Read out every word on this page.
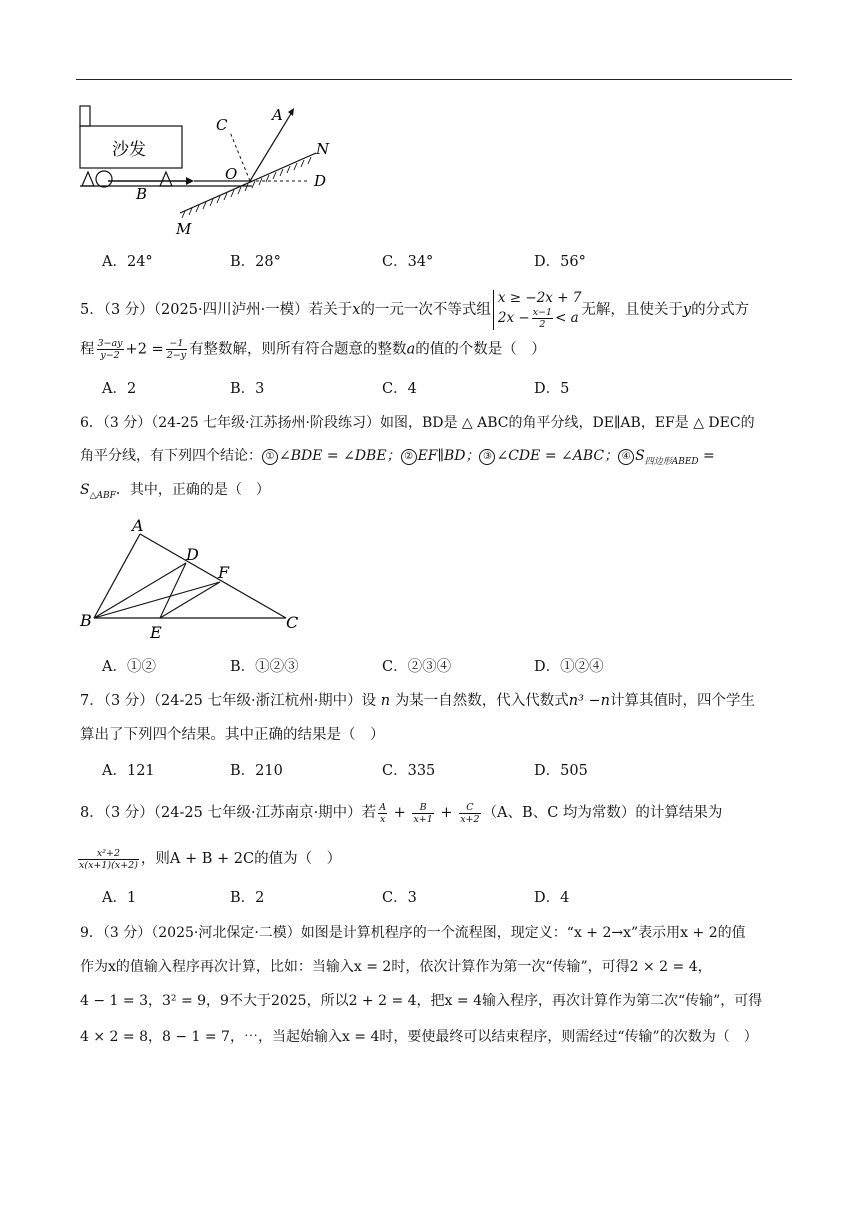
沙发
C
A
N
O	D
B
M
A．24°	B．28°	C．34°	D．56°
5．（3 分）（2025·四川泸州·一模）若关于x的一元一次不等式组
x ≥ −2x + 7
$2x - \frac{x-1}{2} < a$ 无解，且使关于y的分式方
程 $\frac{3-ay}{y-2} +2 = \frac{-1}{2-y}$ 有整数解，则所有符合题意的整数a的值的个数是（　）
A．2	B．3	C．4	D．5
6．（3 分）（24-25 七年级·江苏扬州·阶段练习）如图，BD是 △ ABC的角平分线，DE∥AB，EF是 △ DEC的
角平分线，有下列四个结论： ① ∠BDE = ∠DBE； ② EF∥BD； ③ ∠CDE = ∠ABC； ④ $S_{四边形ABED}$ =
$S_{\triangle ABF}$．其中，正确的是（　）
A
D
F
B
E
C
A．①②	B．①②③	C．②③④	D．①②④
7．（3 分）（24-25 七年级·浙江杭州·期中）设 n 为某一自然数，代入代数式n³ −n计算其值时，四个学生
算出了下列四个结果。其中正确的结果是（　）
A．121	B．210	C．335	D．505
8．（3 分）（24-25 七年级·江苏南京·期中）若 $\frac{A}{x} + \frac{B}{x+1} + \frac{C}{x+2} (A$、B、C 均为常数）的计算结果为
$\frac{\text{x²+2}}{x(x+1)(x+2)}$ ，则A + B + 2C的值为（　）
A．1	B．2	C．3	D．4
9．（3 分）（2025·河北保定·二模）如图是计算机程序的一个流程图，现定义：“x + 2→x”表示用x + 2的值
作为x的值输入程序再次计算，比如：当输入x = 2时，依次计算作为第一次“传输”，可得2 × 2 = 4，
4 − 1 = 3，3² = 9，9不大于2025，所以2 + 2 = 4，把x = 4输入程序，再次计算作为第二次“传输”，可得
4 × 2 = 8，8 − 1 = 7，⋯，当起始输入x = 4时，要使最终可以结束程序，则需经过“传输”的次数为（　）
